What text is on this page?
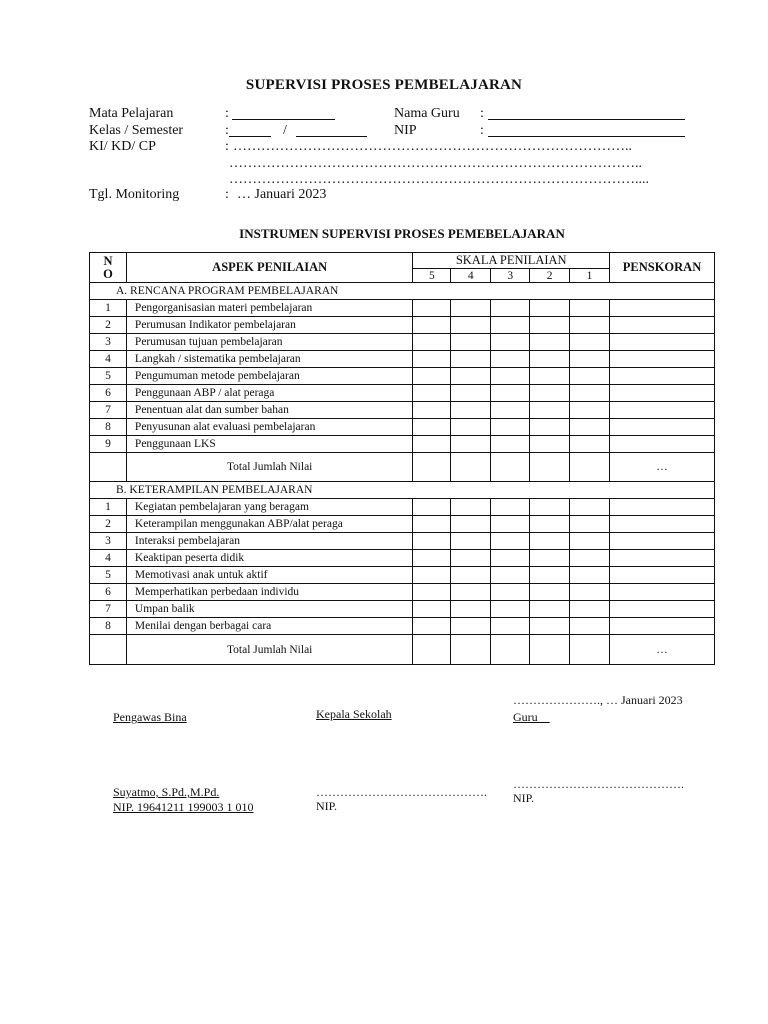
SUPERVISI PROSES PEMBELAJARAN
Mata Pelajaran	:	Nama Guru :
Kelas / Semester	:	/	NIP	:
KI/ KD/ CP	: …………………………………………………………………………..
……………………………………………………………………………..
……………………………………………………………………………....
Tgl. Monitoring	: … Januari 2023
INSTRUMEN SUPERVISI PROSES PEMEBELAJARAN
N
O	ASPEK PENILAIAN	SKALA PENILAIAN					PENSKORAN
		5	4	3	2	1	
A. RENCANA PROGRAM PEMBELAJARAN							
1	Pengorganisasian materi pembelajaran						
2	Perumusan Indikator pembelajaran						
3	Perumusan tujuan pembelajaran						
4	Langkah / sistematika pembelajaran						
5	Pengumuman metode pembelajaran						
6	Penggunaan ABP / alat peraga						
7	Penentuan alat dan sumber bahan						
8	Penyusunan alat evaluasi pembelajaran						
9	Penggunaan LKS						
	Total Jumlah Nilai						…
B. KETERAMPILAN PEMBELAJARAN							
1	Kegiatan pembelajaran yang beragam						
2	Keterampilan menggunakan ABP/alat peraga						
3	Interaksi pembelajaran						
4	Keaktipan peserta didik						
5	Memotivasi anak untuk aktif						
6	Memperhatikan perbedaan individu						
7	Umpan balik						
8	Menilai dengan berbagai cara						
	Total Jumlah Nilai						…
…………………., … Januari 2023
Pengawas Bina	Kepala Sekolah	Guru
Suyatmo, S.Pd.,M.Pd.
NIP. 19641211 199003 1 010
…………………………………….
NIP.
…………………………………….
NIP.
